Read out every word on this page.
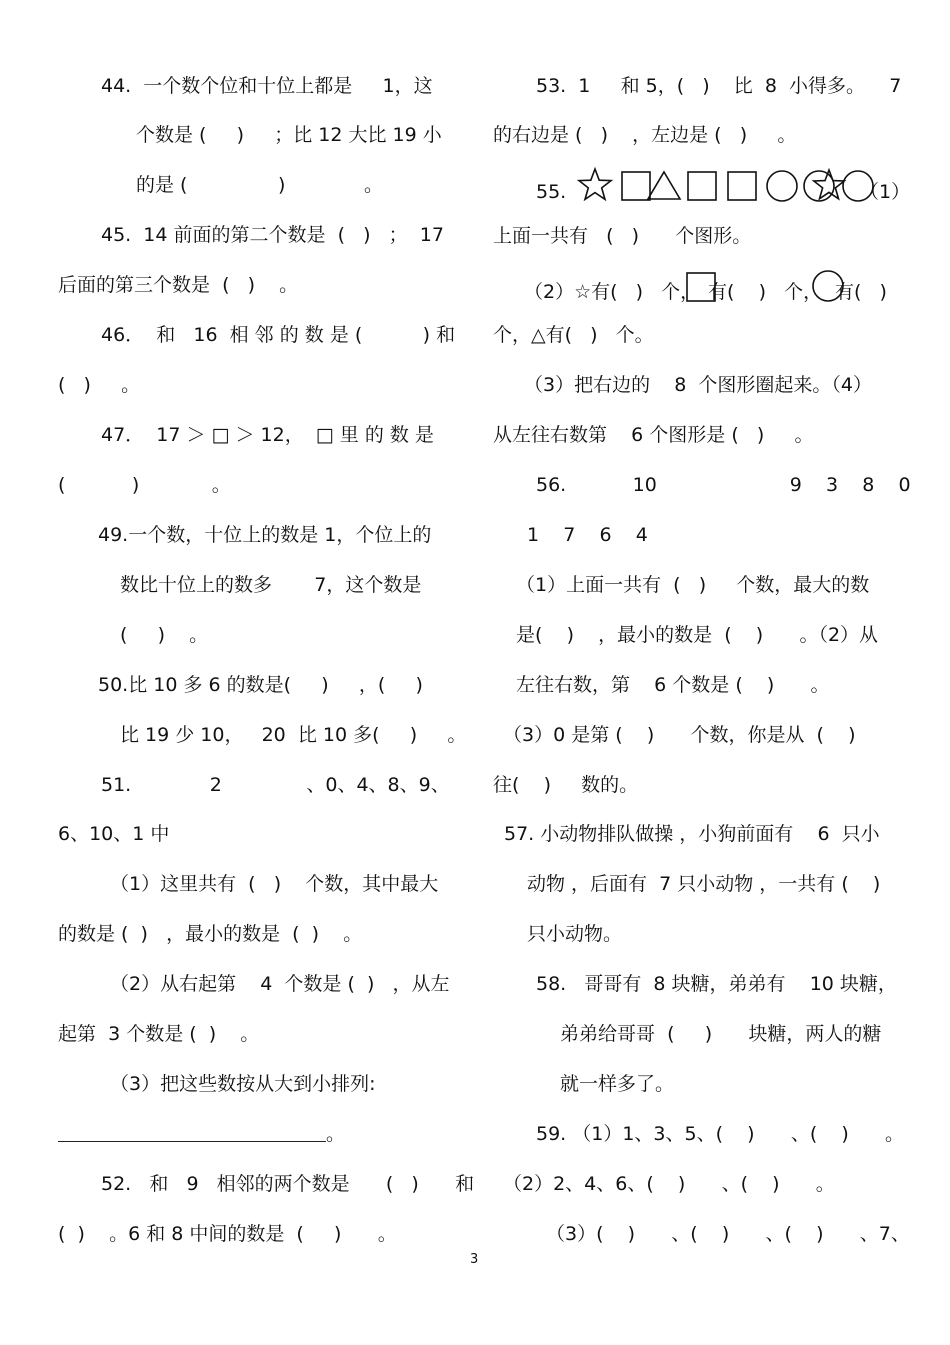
44.  一个数个位和十位上都是     1，这
个数是 (     )     ；比 12 大比 19 小
的是 (               )             。
45.  14 前面的第二个数是  (   )   ；  17
后面的第三个数是  (   )    。
46．  和   16  相 邻 的 数 是 (          ) 和
(   )     。
47．  17 ＞ □ ＞ 12，  □ 里 的 数 是
(           )            。
49.一个数，十位上的数是 1，个位上的
数比十位上的数多       7，这个数是
(     )    。
50.比 10 多 6 的数是(     )     ，(     )
比 19 少 10，   20  比 10 多(     )     。
51.             2              、0、4、8、9、
6、10、1 中
（1）这里共有  (   )    个数，其中最大
的数是 (  )   ，最小的数是  (  )    。
（2）从右起第    4  个数是 (  )   ，从左
起第  3 个数是 (  )    。
（3）把这些数按从大到小排列:
。
52.   和   9   相邻的两个数是      (   )      和
(  )    。6 和 8 中间的数是  (     )      。
53.  1     和 5，(   )    比  8  小得多。    7
的右边是 (   )    ，左边是 (   )     。
55.	（1）
上面一共有   (   )      个图形。
（2）☆有(   )   个， 有(    )   个， 有(   )
个，△有(   )   个。
（3）把右边的    8  个图形圈起来。（4）
从左往右数第    6 个图形是 (   )     。
56.           10                      9    3    8    0
1    7    6    4
（1）上面一共有  (   )     个数，最大的数
是(    )    ，最小的数是  (    )      。（2）从
左往右数，第    6 个数是 (    )      。
（3）0 是第 (    )      个数，你是从  (    )
往(    )     数的。
57. 小动物排队做操 ，小狗前面有    6  只小
动物 ，后面有  7 只小动物 ，一共有 (    )
只小动物。
58.   哥哥有  8 块糖，弟弟有    10 块糖，
弟弟给哥哥  (     )      块糖，两人的糖
就一样多了。
59. （1）1、3、5、(    )      、(    )      。
（2）2、4、6、(    )      、(    )      。
（3）(    )      、(    )      、(    )      、7、
3
